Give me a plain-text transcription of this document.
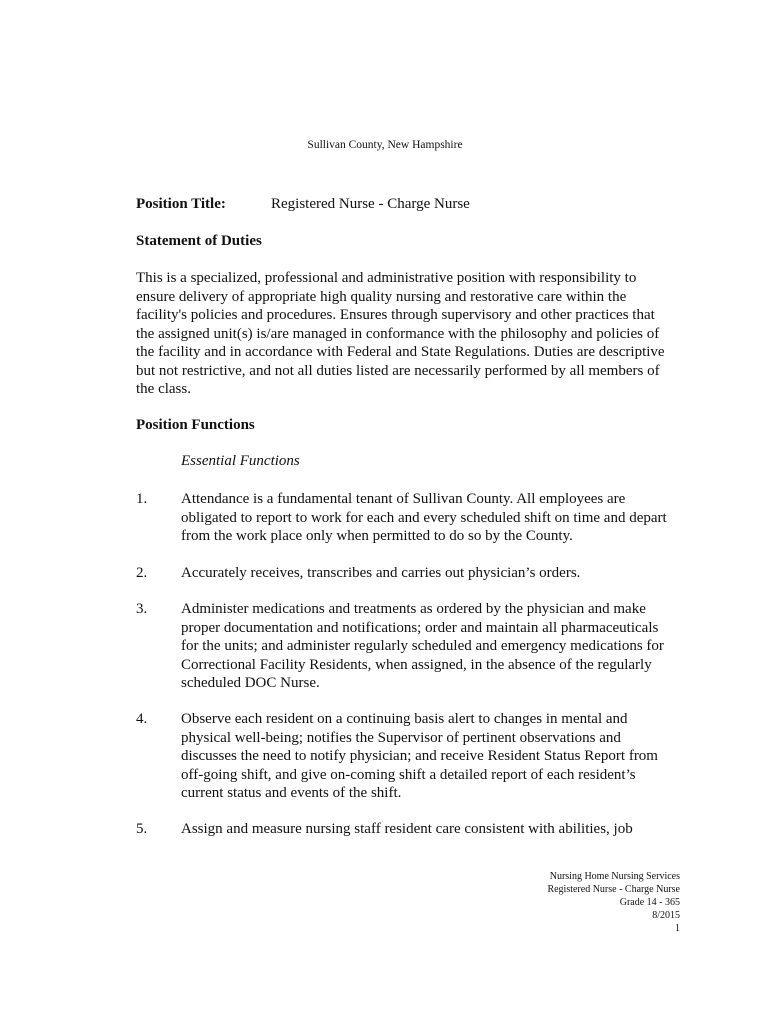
Sullivan County, New Hampshire
Position Title:	Registered Nurse - Charge Nurse
Statement of Duties

This is a specialized, professional and administrative position with responsibility to ensure delivery of appropriate high quality nursing and restorative care within the facility's policies and procedures. Ensures through supervisory and other practices that the assigned unit(s) is/are managed in conformance with the philosophy and policies of the facility and in accordance with Federal and State Regulations. Duties are descriptive but not restrictive, and not all duties listed are necessarily performed by all members of the class.

Position Functions
Essential Functions
1. Attendance is a fundamental tenant of Sullivan County. All employees are obligated to report to work for each and every scheduled shift on time and depart from the work place only when permitted to do so by the County.
2. Accurately receives, transcribes and carries out physician’s orders.
3. Administer medications and treatments as ordered by the physician and make proper documentation and notifications; order and maintain all pharmaceuticals for the units; and administer regularly scheduled and emergency medications for Correctional Facility Residents, when assigned, in the absence of the regularly scheduled DOC Nurse.
4. Observe each resident on a continuing basis alert to changes in mental and physical well-being; notifies the Supervisor of pertinent observations and discusses the need to notify physician; and receive Resident Status Report from off-going shift, and give on-coming shift a detailed report of each resident’s current status and events of the shift.
5. Assign and measure nursing staff resident care consistent with abilities, job
Nursing Home Nursing Services
Registered Nurse - Charge Nurse
Grade 14 - 365
8/2015
1
